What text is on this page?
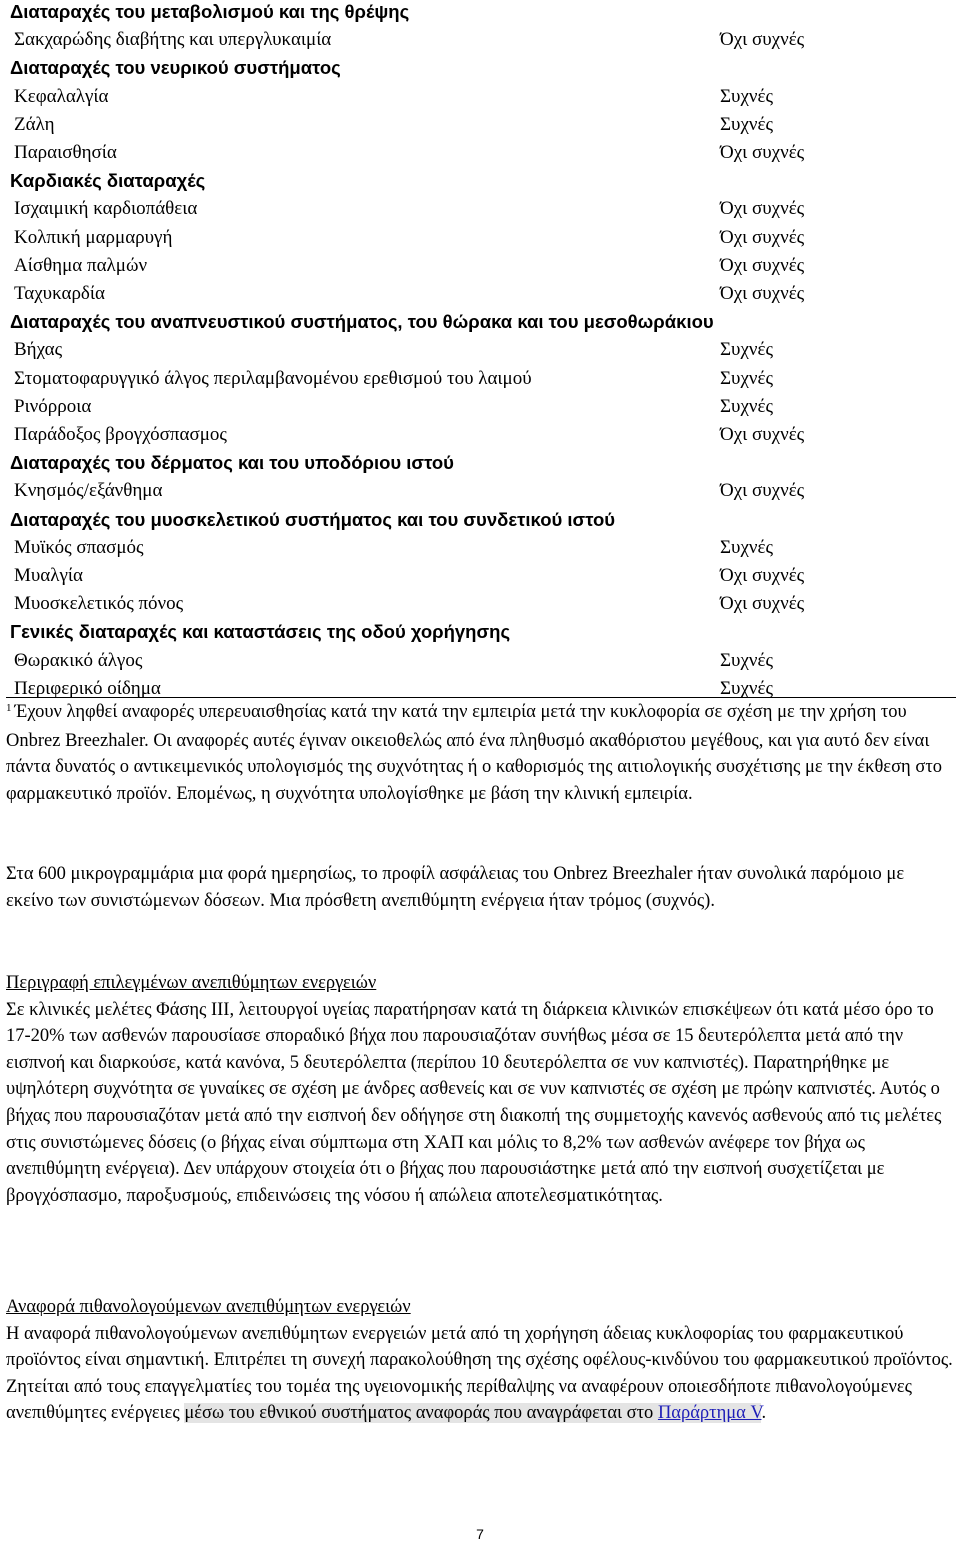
Διαταραχές του μεταβολισμού και της θρέψης
Σακχαρώδης διαβήτης και υπεργλυκαιμία	Όχι συχνές
Διαταραχές του νευρικού συστήματος
Κεφαλαλγία	Συχνές
Ζάλη	Συχνές
Παραισθησία	Όχι συχνές
Καρδιακές διαταραχές
Ισχαιμική καρδιοπάθεια	Όχι συχνές
Κολπική μαρμαρυγή	Όχι συχνές
Αίσθημα παλμών	Όχι συχνές
Ταχυκαρδία	Όχι συχνές
Διαταραχές του αναπνευστικού συστήματος, του θώρακα και του μεσοθωράκιου
Βήχας	Συχνές
Στοματοφαρυγγικό άλγος περιλαμβανομένου ερεθισμού του λαιμού	Συχνές
Ρινόρροια	Συχνές
Παράδοξος βρογχόσπασμος	Όχι συχνές
Διαταραχές του δέρματος και του υποδόριου ιστού
Κνησμός/εξάνθημα	Όχι συχνές
Διαταραχές του μυοσκελετικού συστήματος και του συνδετικού ιστού
Μυϊκός σπασμός	Συχνές
Μυαλγία	Όχι συχνές
Μυοσκελετικός πόνος	Όχι συχνές
Γενικές διαταραχές και καταστάσεις της οδού χορήγησης
Θωρακικό άλγος	Συχνές
Περιφερικό οίδημα	Συχνές
$^1$ Έχουν ληφθεί αναφορές υπερευαισθησίας κατά την κατά την εμπειρία μετά την κυκλοφορία σε σχέση με την χρήση του Onbrez Breezhaler. Οι αναφορές αυτές έγιναν οικειοθελώς από ένα πληθυσμό ακαθόριστου μεγέθους, και για αυτό δεν είναι πάντα δυνατός ο αντικειμενικός υπολογισμός της συχνότητας ή ο καθορισμός της αιτιολογικής συσχέτισης με την έκθεση στο φαρμακευτικό προϊόν. Επομένως, η συχνότητα υπολογίσθηκε με βάση την κλινική εμπειρία.
Στα 600 μικρογραμμάρια μια φορά ημερησίως, το προφίλ ασφάλειας του Onbrez Breezhaler ήταν συνολικά παρόμοιο με εκείνο των συνιστώμενων δόσεων. Μια πρόσθετη ανεπιθύμητη ενέργεια ήταν τρόμος (συχνός).
Περιγραφή επιλεγμένων ανεπιθύμητων ενεργειών
Σε κλινικές μελέτες Φάσης ΙΙΙ, λειτουργοί υγείας παρατήρησαν κατά τη διάρκεια κλινικών επισκέψεων ότι κατά μέσο όρο το 17-20% των ασθενών παρουσίασε σποραδικό βήχα που παρουσιαζόταν συνήθως μέσα σε 15 δευτερόλεπτα μετά από την εισπνοή και διαρκούσε, κατά κανόνα, 5 δευτερόλεπτα (περίπου 10 δευτερόλεπτα σε νυν καπνιστές). Παρατηρήθηκε με υψηλότερη συχνότητα σε γυναίκες σε σχέση με άνδρες ασθενείς και σε νυν καπνιστές σε σχέση με πρώην καπνιστές. Αυτός ο βήχας που παρουσιαζόταν μετά από την εισπνοή δεν οδήγησε στη διακοπή της συμμετοχής κανενός ασθενούς από τις μελέτες στις συνιστώμενες δόσεις (ο βήχας είναι σύμπτωμα στη ΧΑΠ και μόλις το 8,2% των ασθενών ανέφερε τον βήχα ως ανεπιθύμητη ενέργεια). Δεν υπάρχουν στοιχεία ότι ο βήχας που παρουσιάστηκε μετά από την εισπνοή συσχετίζεται με βρογχόσπασμο, παροξυσμούς, επιδεινώσεις της νόσου ή απώλεια αποτελεσματικότητας.
Αναφορά πιθανολογούμενων ανεπιθύμητων ενεργειών
Η αναφορά πιθανολογούμενων ανεπιθύμητων ενεργειών μετά από τη χορήγηση άδειας κυκλοφορίας του φαρμακευτικού προϊόντος είναι σημαντική. Επιτρέπει τη συνεχή παρακολούθηση της σχέσης οφέλους-κινδύνου του φαρμακευτικού προϊόντος. Ζητείται από τους επαγγελματίες του τομέα της υγειονομικής περίθαλψης να αναφέρουν οποιεσδήποτε πιθανολογούμενες ανεπιθύμητες ενέργειες μέσω του εθνικού συστήματος αναφοράς που αναγράφεται στο Παράρτημα V.
7
